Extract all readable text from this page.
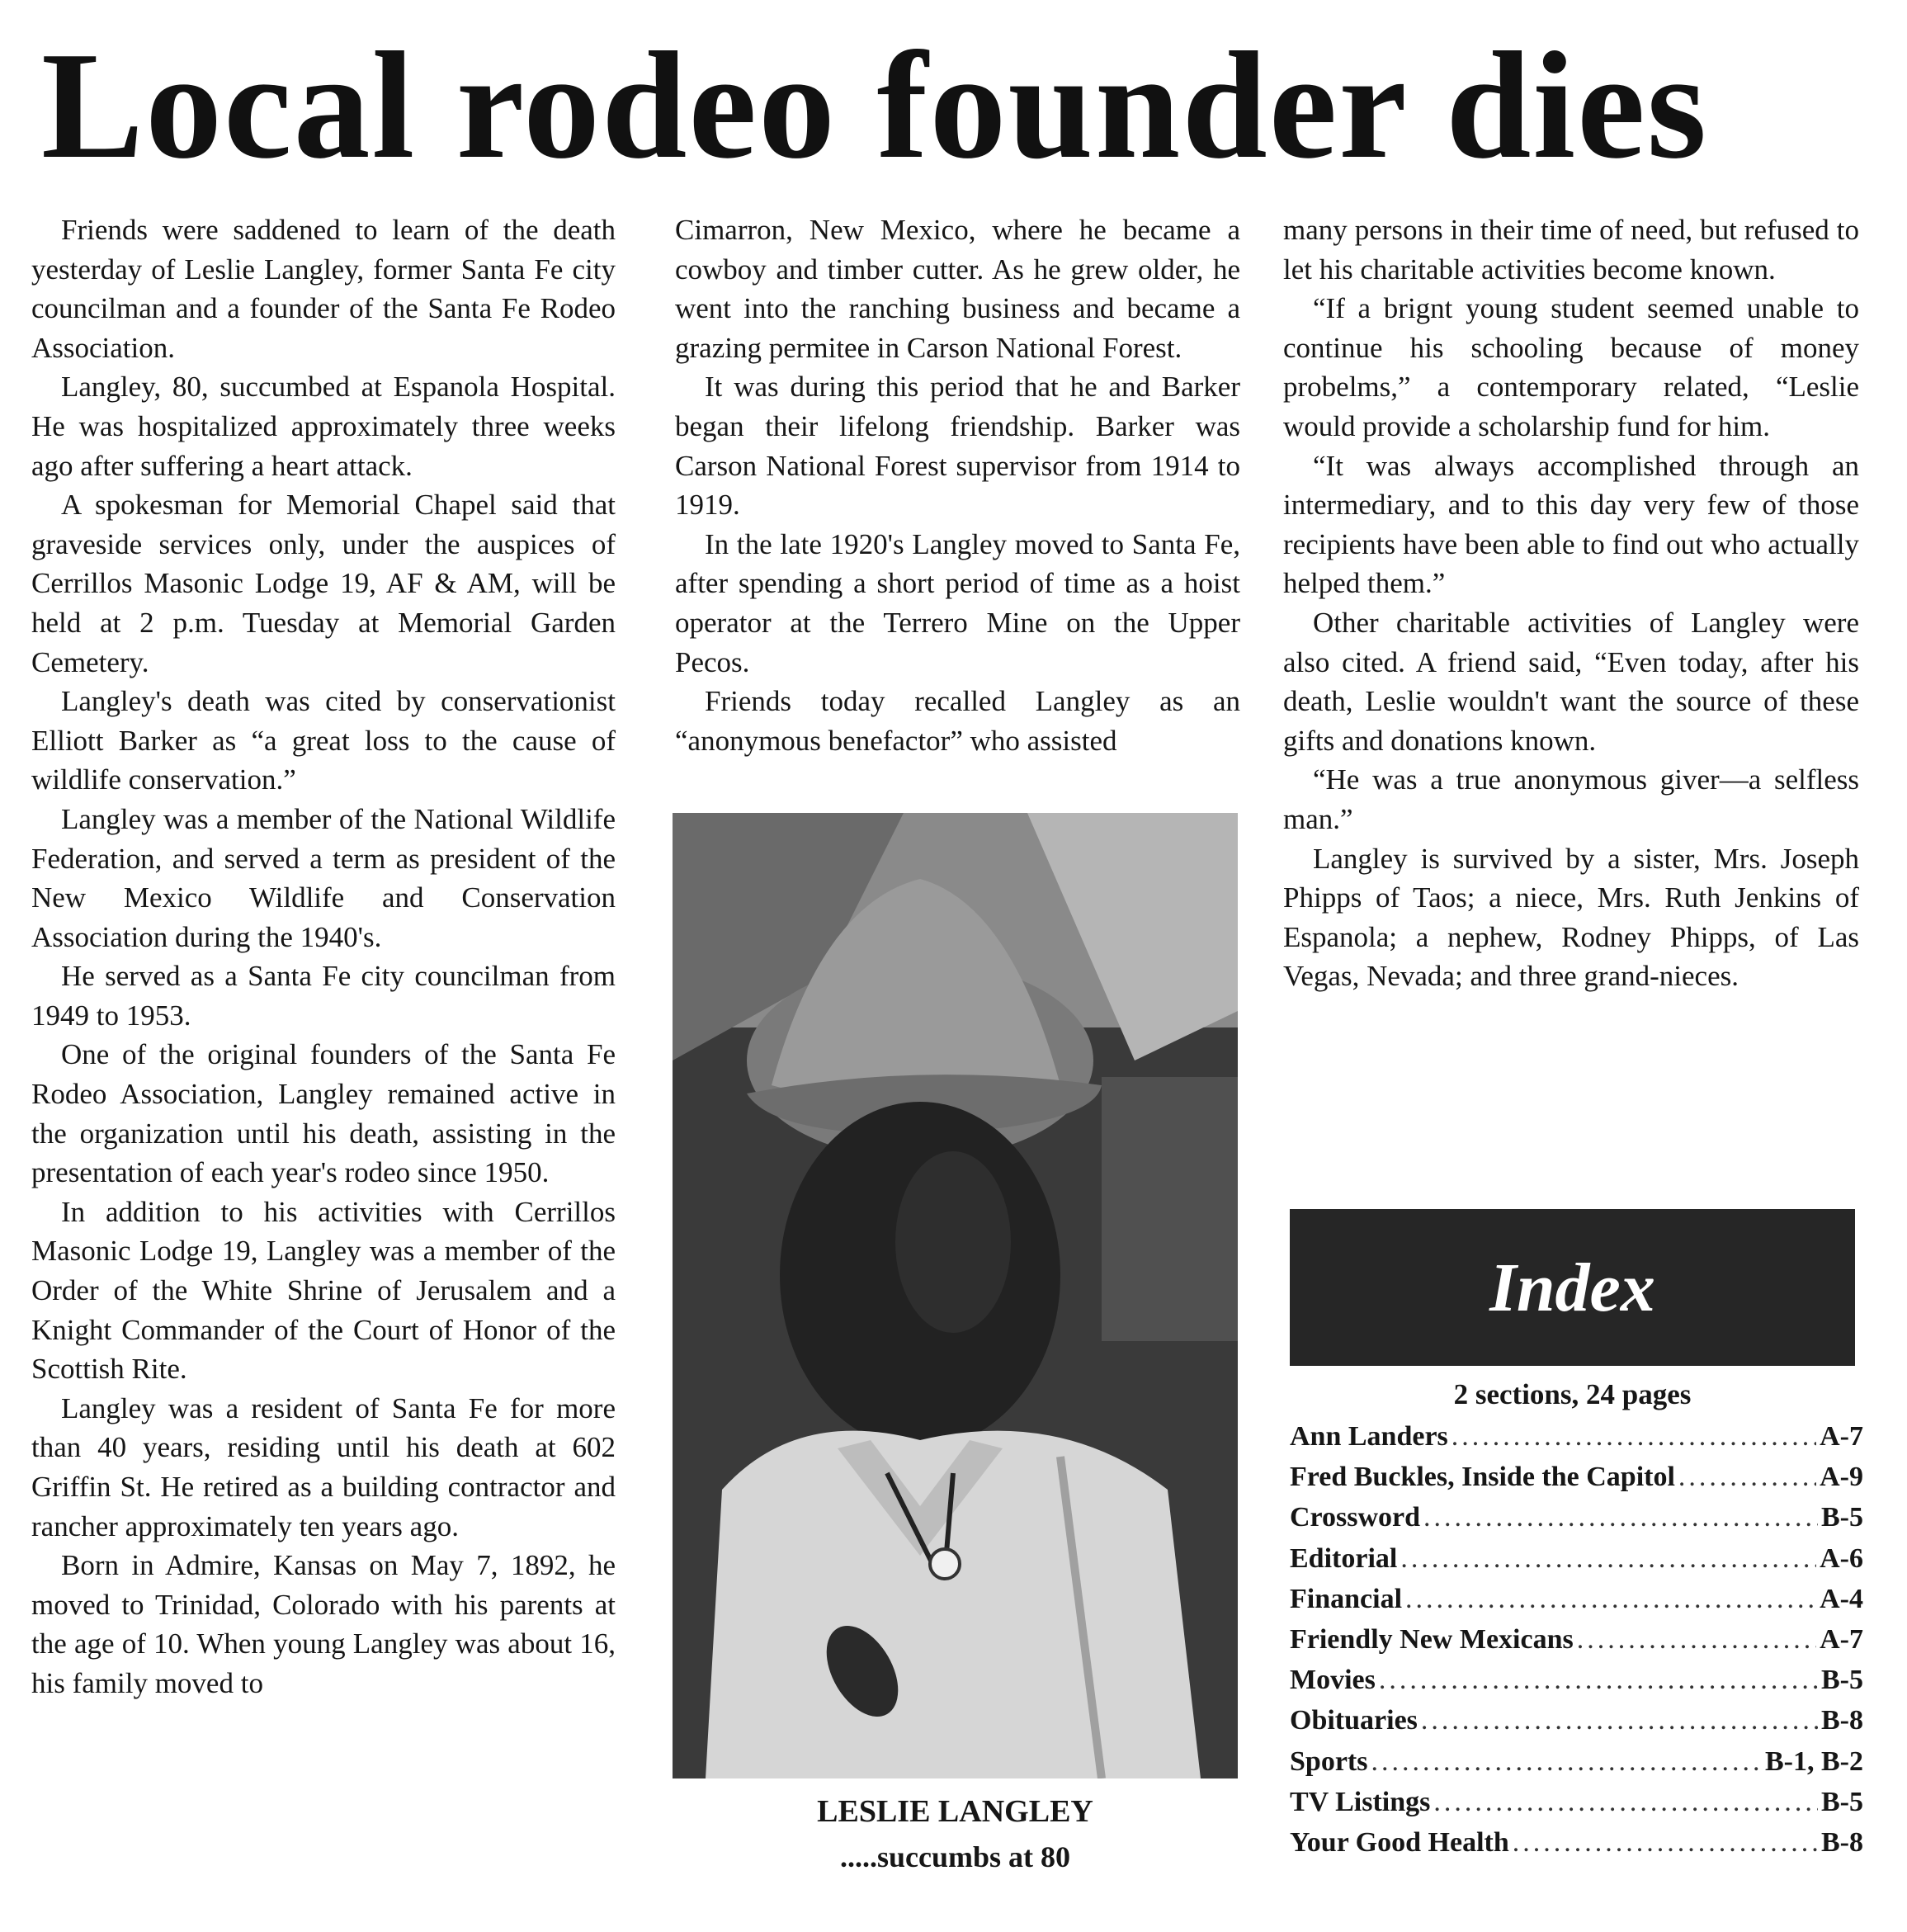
Local rodeo founder dies

Friends were saddened to learn of the death yesterday of Leslie Langley, former Santa Fe city councilman and a founder of the Santa Fe Rodeo Association.

Langley, 80, succumbed at Espanola Hospital. He was hospitalized approximately three weeks ago after suffering a heart attack.

A spokesman for Memorial Chapel said that graveside services only, under the auspices of Cerrillos Masonic Lodge 19, AF & AM, will be held at 2 p.m. Tuesday at Memorial Garden Cemetery.

Langley's death was cited by conservationist Elliott Barker as “a great loss to the cause of wildlife conservation.”

Langley was a member of the National Wildlife Federation, and served a term as president of the New Mexico Wildlife and Conservation Association during the 1940's.

He served as a Santa Fe city councilman from 1949 to 1953.

One of the original founders of the Santa Fe Rodeo Association, Langley remained active in the organization until his death, assisting in the presentation of each year's rodeo since 1950.

In addition to his activities with Cerrillos Masonic Lodge 19, Langley was a member of the Order of the White Shrine of Jerusalem and a Knight Commander of the Court of Honor of the Scottish Rite.

Langley was a resident of Santa Fe for more than 40 years, residing until his death at 602 Griffin St. He retired as a building contractor and rancher approximately ten years ago.

Born in Admire, Kansas on May 7, 1892, he moved to Trinidad, Colorado with his parents at the age of 10. When young Langley was about 16, his family moved to

Cimarron, New Mexico, where he became a cowboy and timber cutter. As he grew older, he went into the ranching business and became a grazing permitee in Carson National Forest.

It was during this period that he and Barker began their lifelong friendship. Barker was Carson National Forest supervisor from 1914 to 1919.

In the late 1920's Langley moved to Santa Fe, after spending a short period of time as a hoist operator at the Terrero Mine on the Upper Pecos.

Friends today recalled Langley as an “anonymous benefactor” who assisted

LESLIE LANGLEY
.....succumbs at 80

many persons in their time of need, but refused to let his charitable activities become known.

“If a brignt young student seemed unable to continue his schooling because of money probelms,” a contemporary related, “Leslie would provide a scholarship fund for him.

“It was always accomplished through an intermediary, and to this day very few of those recipients have been able to find out who actually helped them.”

Other charitable activities of Langley were also cited. A friend said, “Even today, after his death, Leslie wouldn't want the source of these gifts and donations known.

“He was a true anonymous giver—a selfless man.”

Langley is survived by a sister, Mrs. Joseph Phipps of Taos; a niece, Mrs. Ruth Jenkins of Espanola; a nephew, Rodney Phipps, of Las Vegas, Nevada; and three grand-nieces.

Index
2 sections, 24 pages
Ann Landers .....	A-7
Fred Buckles, Inside the Capitol .....	A-9
Crossword .....	B-5
Editorial .....	A-6
Financial .....	A-4
Friendly New Mexicans .....	A-7
Movies .....	B-5
Obituaries .....	B-8
Sports .....	B-1, B-2
TV Listings .....	B-5
Your Good Health .....	B-8
